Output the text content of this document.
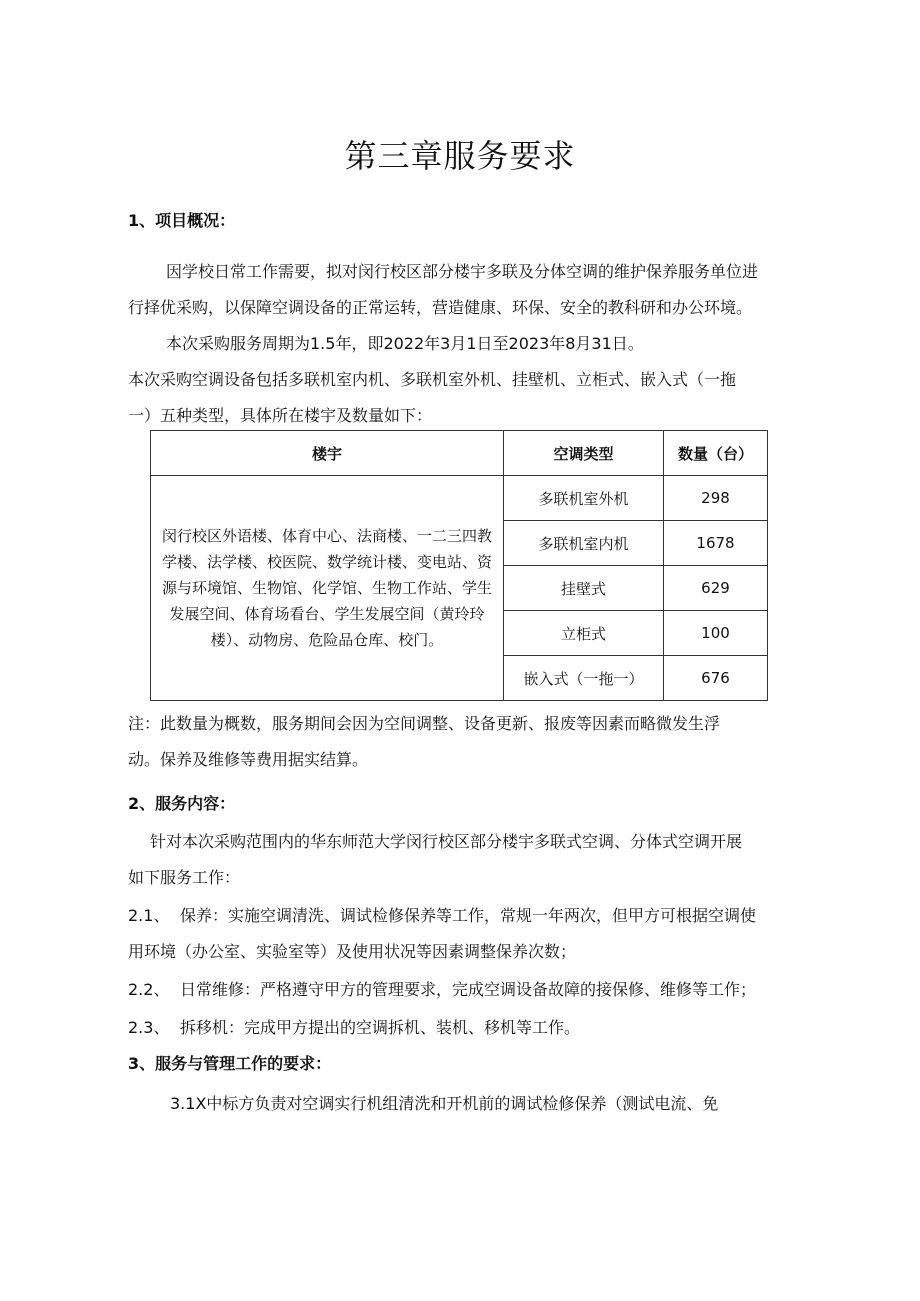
第三章服务要求
1、项目概况：
因学校日常工作需要，拟对闵行校区部分楼宇多联及分体空调的维护保养服务单位进
行择优采购，以保障空调设备的正常运转，营造健康、环保、安全的教科研和办公环境。
本次采购服务周期为1.5年，即2022年3月1日至2023年8月31日。
本次采购空调设备包括多联机室内机、多联机室外机、挂壁机、立柜式、嵌入式（一拖
一）五种类型，具体所在楼宇及数量如下：
楼宇	空调类型	数量（台）
闵行校区外语楼、体育中心、法商楼、一二三四教学楼、法学楼、校医院、数学统计楼、变电站、资源与环境馆、生物馆、化学馆、生物工作站、学生发展空间、体育场看台、学生发展空间（黄玲玲楼）、动物房、危险品仓库、校门。	多联机室外机	298
	多联机室内机	1678
	挂壁式	629
	立柜式	100
	嵌入式（一拖一）	676
注：此数量为概数，服务期间会因为空间调整、设备更新、报废等因素而略微发生浮
动。保养及维修等费用据实结算。
2、服务内容：
针对本次采购范围内的华东师范大学闵行校区部分楼宇多联式空调、分体式空调开展
如下服务工作：
2.1、 保养：实施空调清洗、调试检修保养等工作，常规一年两次，但甲方可根据空调使
用环境（办公室、实验室等）及使用状况等因素调整保养次数；
2.2、 日常维修：严格遵守甲方的管理要求，完成空调设备故障的接保修、维修等工作；
2.3、 拆移机：完成甲方提出的空调拆机、装机、移机等工作。
3、服务与管理工作的要求：
3.1X中标方负责对空调实行机组清洗和开机前的调试检修保养（测试电流、免
